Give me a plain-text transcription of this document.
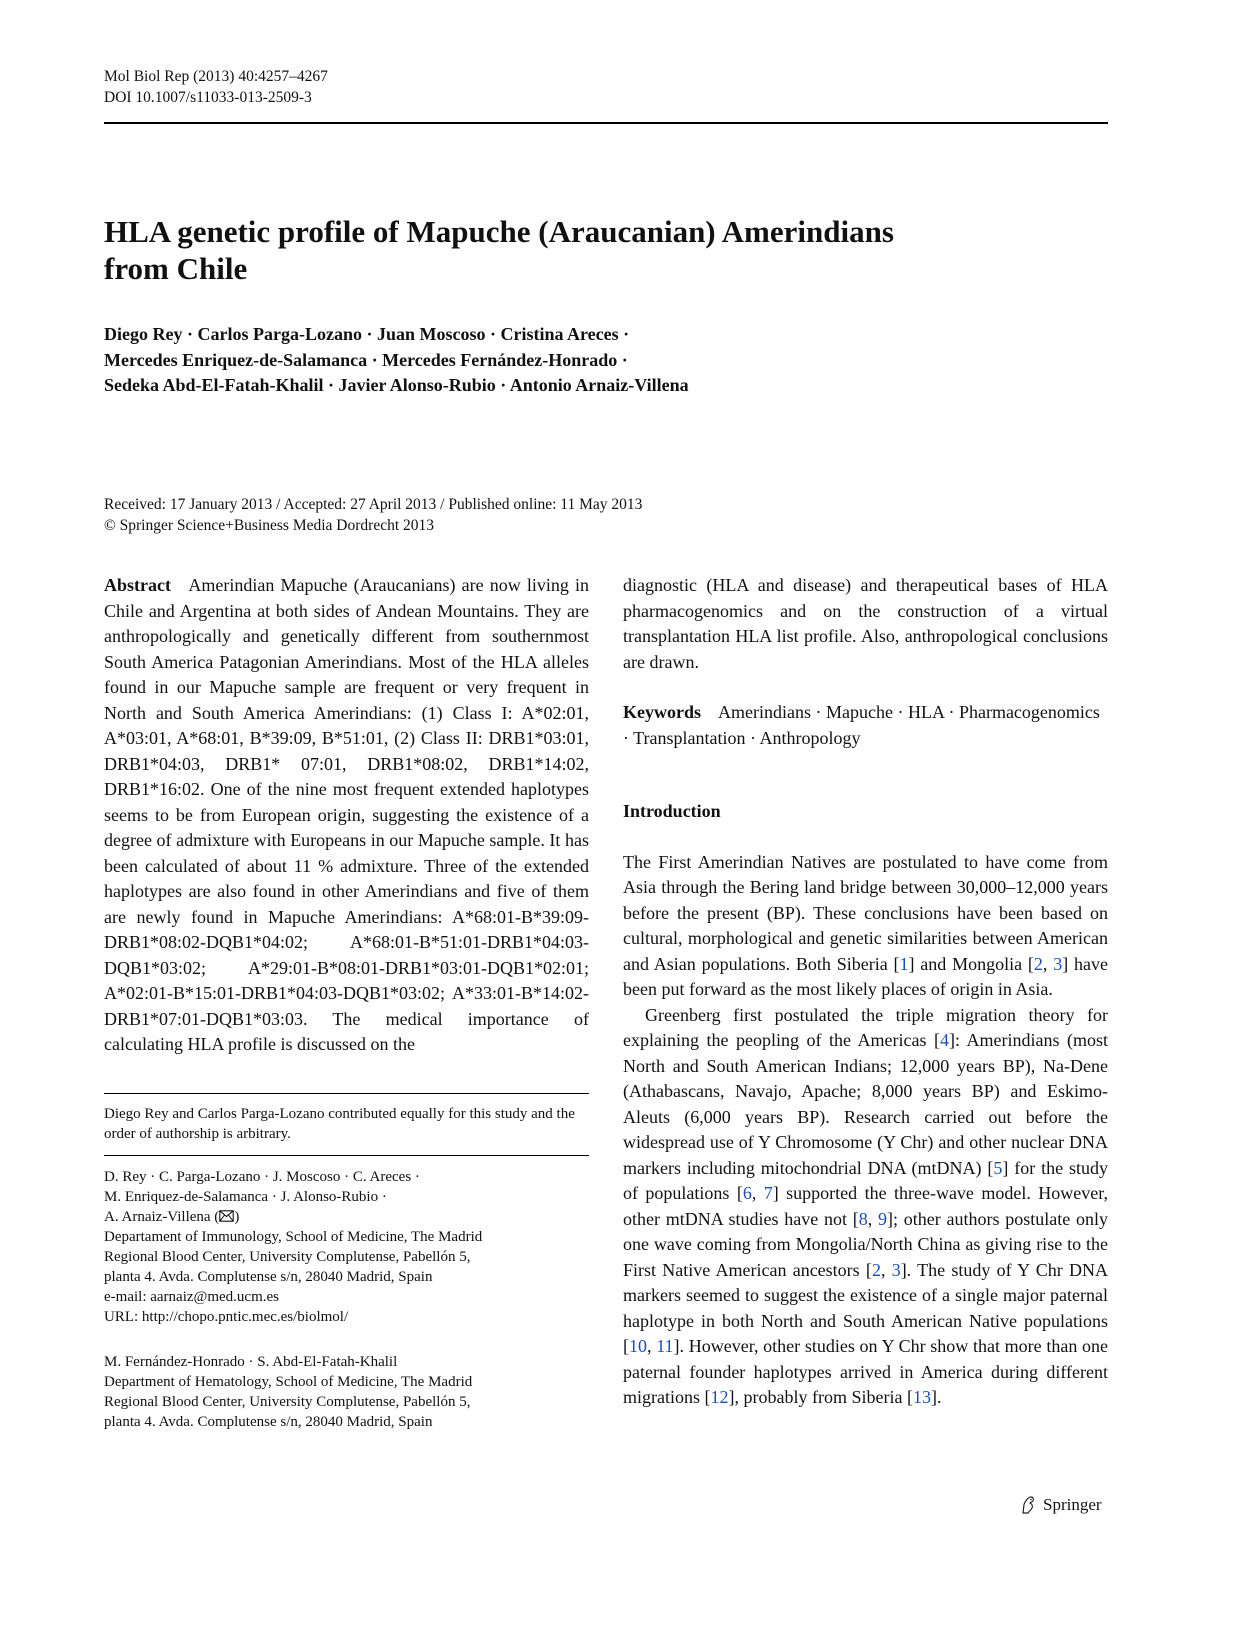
Mol Biol Rep (2013) 40:4257–4267
DOI 10.1007/s11033-013-2509-3
HLA genetic profile of Mapuche (Araucanian) Amerindians
from Chile
Diego Rey · Carlos Parga-Lozano · Juan Moscoso · Cristina Areces ·
Mercedes Enriquez-de-Salamanca · Mercedes Fernández-Honrado ·
Sedeka Abd-El-Fatah-Khalil · Javier Alonso-Rubio · Antonio Arnaiz-Villena
Received: 17 January 2013 / Accepted: 27 April 2013 / Published online: 11 May 2013
© Springer Science+Business Media Dordrecht 2013

Abstract Amerindian Mapuche (Araucanians) are now living in Chile and Argentina at both sides of Andean Mountains. They are anthropologically and genetically different from southernmost South America Patagonian Amerindians. Most of the HLA alleles found in our Mapuche sample are frequent or very frequent in North and South America Amerindians: (1) Class I: A*02:01, A*03:01, A*68:01, B*39:09, B*51:01, (2) Class II: DRB1*03:01, DRB1*04:03, DRB1* 07:01, DRB1*08:02, DRB1*14:02, DRB1*16:02. One of the nine most frequent extended haplotypes seems to be from European origin, suggesting the existence of a degree of admixture with Europeans in our Mapuche sample. It has been calculated of about 11 % admixture. Three of the extended haplotypes are also found in other Amerindians and five of them are newly found in Mapuche Amerindians: A*68:01-B*39:09-DRB1*08:02-DQB1*04:02; A*68:01-B*51:01-DRB1*04:03-DQB1*03:02; A*29:01-B*08:01-DRB1*03:01-DQB1*02:01; A*02:01-B*15:01-DRB1*04:03-DQB1*03:02; A*33:01-B*14:02-DRB1*07:01-DQB1*03:03. The medical importance of calculating HLA profile is discussed on the

Diego Rey and Carlos Parga-Lozano contributed equally for this study and the order of authorship is arbitrary.

D. Rey · C. Parga-Lozano · J. Moscoso · C. Areces ·

M. Enriquez-de-Salamanca · J. Alonso-Rubio ·

A. Arnaiz-Villena ( )

Departament of Immunology, School of Medicine, The Madrid

Regional Blood Center, University Complutense, Pabellón 5,

planta 4. Avda. Complutense s/n, 28040 Madrid, Spain

e-mail: aarnaiz@med.ucm.es

URL: http://chopo.pntic.mec.es/biolmol/

M. Fernández-Honrado · S. Abd-El-Fatah-Khalil

Department of Hematology, School of Medicine, The Madrid

Regional Blood Center, University Complutense, Pabellón 5,

planta 4. Avda. Complutense s/n, 28040 Madrid, Spain

diagnostic (HLA and disease) and therapeutical bases of HLA pharmacogenomics and on the construction of a virtual transplantation HLA list profile. Also, anthropological conclusions are drawn.

Keywords Amerindians · Mapuche · HLA · Pharmacogenomics · Transplantation · Anthropology

Introduction

The First Amerindian Natives are postulated to have come from Asia through the Bering land bridge between 30,000–12,000 years before the present (BP). These conclusions have been based on cultural, morphological and genetic similarities between American and Asian populations. Both Siberia [1] and Mongolia [2, 3] have been put forward as the most likely places of origin in Asia.

Greenberg first postulated the triple migration theory for explaining the peopling of the Americas [4]: Amerindians (most North and South American Indians; 12,000 years BP), Na-Dene (Athabascans, Navajo, Apache; 8,000 years BP) and Eskimo-Aleuts (6,000 years BP). Research carried out before the widespread use of Y Chromosome (Y Chr) and other nuclear DNA markers including mitochondrial DNA (mtDNA) [5] for the study of populations [6, 7] supported the three-wave model. However, other mtDNA studies have not [8, 9]; other authors postulate only one wave coming from Mongolia/North China as giving rise to the First Native American ancestors [2, 3]. The study of Y Chr DNA markers seemed to suggest the existence of a single major paternal haplotype in both North and South American Native populations [10, 11]. However, other studies on Y Chr show that more than one paternal founder haplotypes arrived in America during different migrations [12], probably from Siberia [13].

Springer
